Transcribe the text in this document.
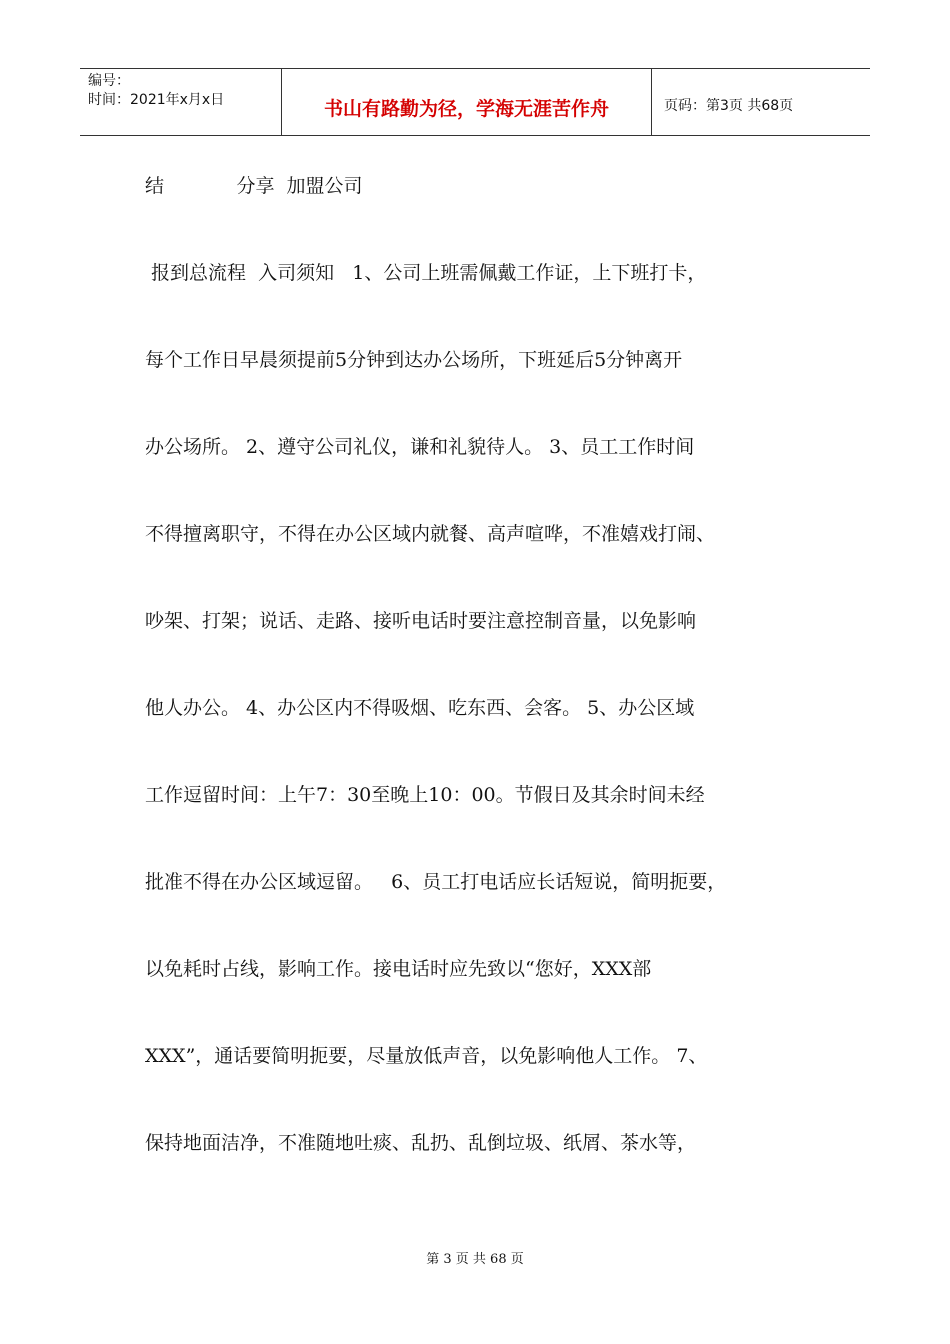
编号：
时间：2021年x月x日	书山有路勤为径，学海无涯苦作舟	页码：第3页 共68页
结            分享  加盟公司
报到总流程  入司须知   1、公司上班需佩戴工作证，上下班打卡，
每个工作日早晨须提前5分钟到达办公场所，下班延后5分钟离开
办公场所。 2、遵守公司礼仪，谦和礼貌待人。 3、员工工作时间
不得擅离职守，不得在办公区域内就餐、高声喧哗，不准嬉戏打闹、
吵架、打架；说话、走路、接听电话时要注意控制音量，以免影响
他人办公。 4、办公区内不得吸烟、吃东西、会客。 5、办公区域
工作逗留时间：上午7：30至晚上10：00。节假日及其余时间未经
批准不得在办公区域逗留。   6、员工打电话应长话短说，简明扼要，
以免耗时占线，影响工作。接电话时应先致以“您好，XXX部
XXX”，通话要简明扼要，尽量放低声音，以免影响他人工作。 7、
保持地面洁净，不准随地吐痰、乱扔、乱倒垃圾、纸屑、茶水等，
第 3 页 共 68 页
